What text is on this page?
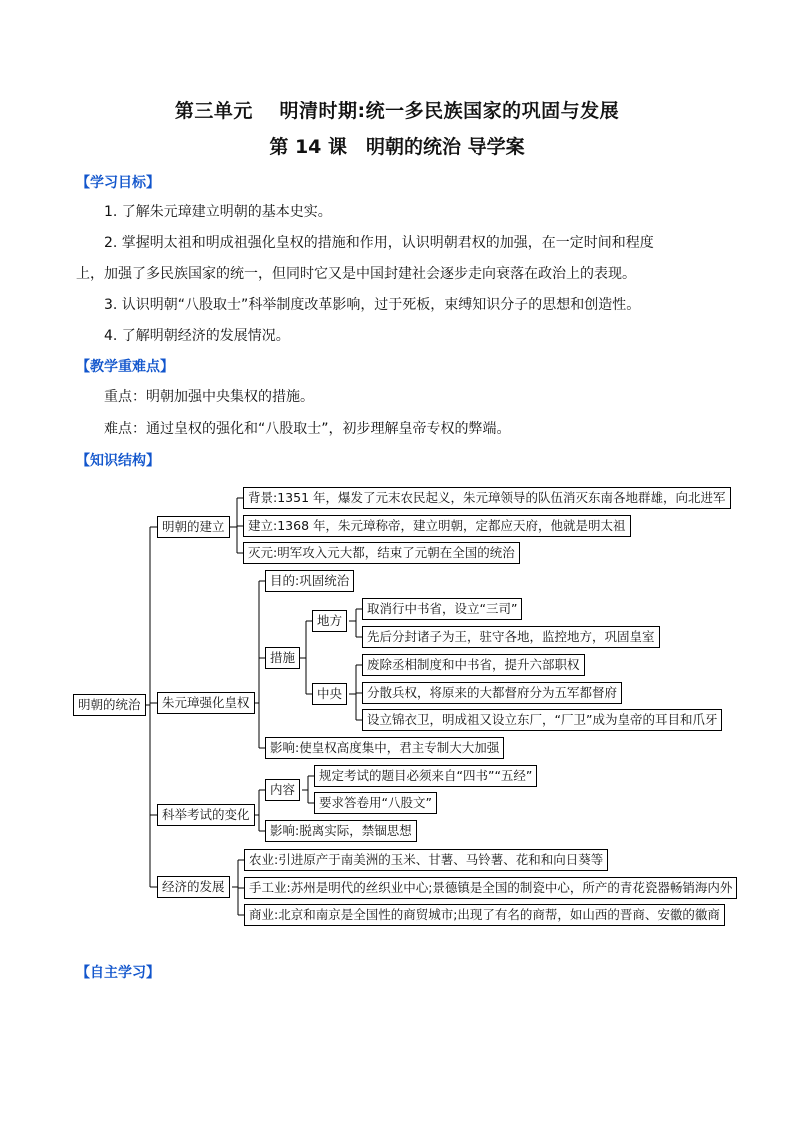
第三单元　 明清时期:统一多民族国家的巩固与发展
第 14 课　明朝的统治 导学案
【学习目标】
1. 了解朱元璋建立明朝的基本史实。
2. 掌握明太祖和明成祖强化皇权的措施和作用，认识明朝君权的加强，在一定时间和程度
上，加强了多民族国家的统一，但同时它又是中国封建社会逐步走向衰落在政治上的表现。
3. 认识明朝“八股取士”科举制度改革影响，过于死板，束缚知识分子的思想和创造性。
4. 了解明朝经济的发展情况。
【教学重难点】
重点：明朝加强中央集权的措施。
难点：通过皇权的强化和“八股取士”，初步理解皇帝专权的弊端。
【知识结构】
明朝的统治
明朝的建立
背景:1351 年，爆发了元末农民起义，朱元璋领导的队伍消灭东南各地群雄，向北进军
建立:1368 年，朱元璋称帝，建立明朝，定都应天府，他就是明太祖
灭元:明军攻入元大都，结束了元朝在全国的统治
朱元璋强化皇权
目的:巩固统治
措施
地方
取消行中书省，设立“三司”
先后分封诸子为王，驻守各地，监控地方，巩固皇室
中央
废除丞相制度和中书省，提升六部职权
分散兵权，将原来的大都督府分为五军都督府
设立锦衣卫，明成祖又设立东厂，“厂卫”成为皇帝的耳目和爪牙
影响:使皇权高度集中，君主专制大大加强
科举考试的变化
内容
规定考试的题目必须来自“四书”“五经”
要求答卷用“八股文”
影响:脱离实际，禁锢思想
经济的发展
农业:引进原产于南美洲的玉米、甘薯、马铃薯、花和和向日葵等
手工业:苏州是明代的丝织业中心;景德镇是全国的制瓷中心，所产的青花瓷器畅销海内外
商业:北京和南京是全国性的商贸城市;出现了有名的商帮，如山西的晋商、安徽的徽商
【自主学习】
